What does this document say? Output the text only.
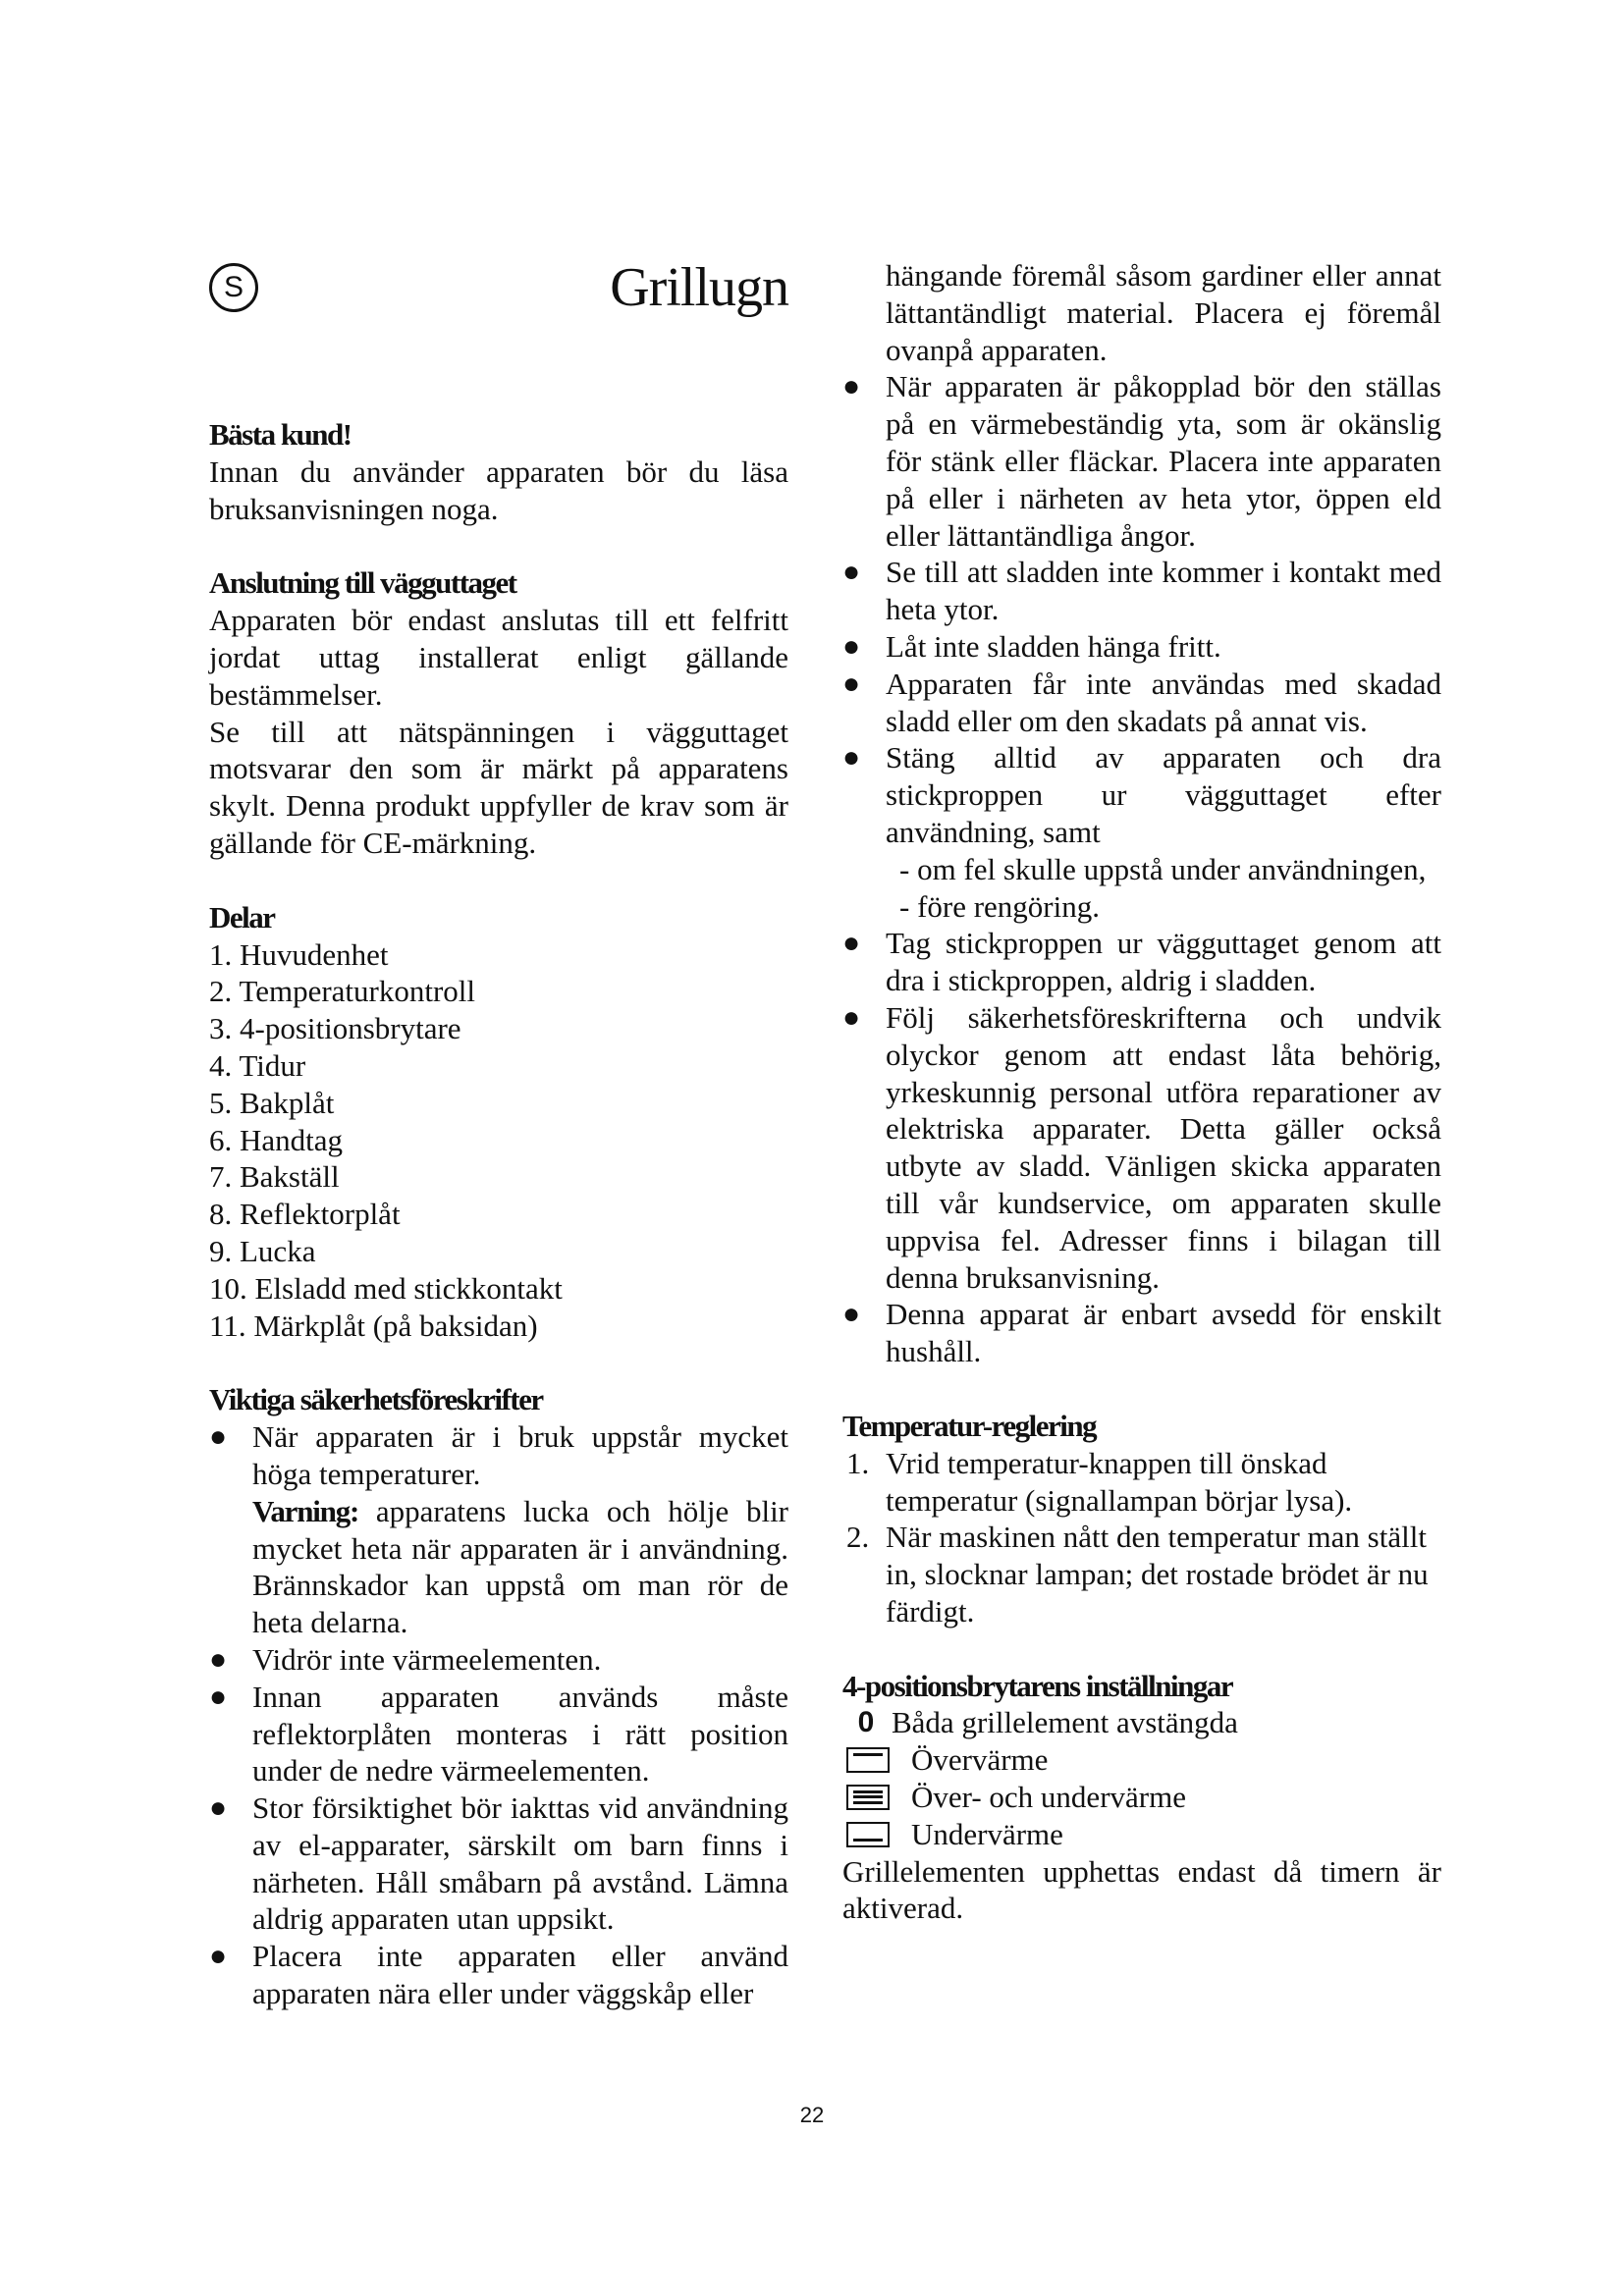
S	Grillugn
Bästa kund!
Innan du använder apparaten bör du läsa bruksanvisningen noga.
Anslutning till vägguttaget
Apparaten bör endast anslutas till ett felfritt jordat uttag installerat enligt gällande bestämmelser.
Se till att nätspänningen i vägguttaget motsvarar den som är märkt på apparatens skylt. Denna produkt uppfyller de krav som är gällande för CE-märkning.
Delar
1. Huvudenhet
2. Temperaturkontroll
3. 4-positionsbrytare
4. Tidur
5. Bakplåt
6. Handtag
7. Bakställ
8. Reflektorplåt
9. Lucka
10. Elsladd med stickkontakt
11. Märkplåt (på baksidan)
Viktiga säkerhetsföreskrifter
● När apparaten är i bruk uppstår mycket höga temperaturer.
Varning: apparatens lucka och hölje blir mycket heta när apparaten är i användning. Brännskador kan uppstå om man rör de heta delarna.
● Vidrör inte värmeelementen.
● Innan apparaten används måste reflektorplåten monteras i rätt position under de nedre värmeelementen.
● Stor försiktighet bör iakttas vid användning av el-apparater, särskilt om barn finns i närheten. Håll småbarn på avstånd. Lämna aldrig apparaten utan uppsikt.
● Placera inte apparaten eller använd apparaten nära eller under väggskåp eller
hängande föremål såsom gardiner eller annat lättantändligt material. Placera ej föremål ovanpå apparaten.
● När apparaten är påkopplad bör den ställas på en värmebeständig yta, som är okänslig för stänk eller fläckar. Placera inte apparaten på eller i närheten av heta ytor, öppen eld eller lättantändliga ångor.
● Se till att sladden inte kommer i kontakt med heta ytor.
● Låt inte sladden hänga fritt.
● Apparaten får inte användas med skadad sladd eller om den skadats på annat vis.
● Stäng alltid av apparaten och dra stickproppen ur vägguttaget efter användning, samt
- om fel skulle uppstå under användningen,
- före rengöring.
● Tag stickproppen ur vägguttaget genom att dra i stickproppen, aldrig i sladden.
● Följ säkerhetsföreskrifterna och undvik olyckor genom att endast låta behörig, yrkeskunnig personal utföra reparationer av elektriska apparater. Detta gäller också utbyte av sladd. Vänligen skicka apparaten till vår kundservice, om apparaten skulle uppvisa fel. Adresser finns i bilagan till denna bruksanvisning.
● Denna apparat är enbart avsedd för enskilt hushåll.
Temperatur-reglering
1. Vrid temperatur-knappen till önskad temperatur (signallampan börjar lysa).
2. När maskinen nått den temperatur man ställt in, slocknar lampan; det rostade brödet är nu färdigt.
4-positionsbrytarens inställningar
0 Båda grillelement avstängda
Övervärme
Över- och undervärme
Undervärme
Grillelementen upphettas endast då timern är aktiverad.
22
